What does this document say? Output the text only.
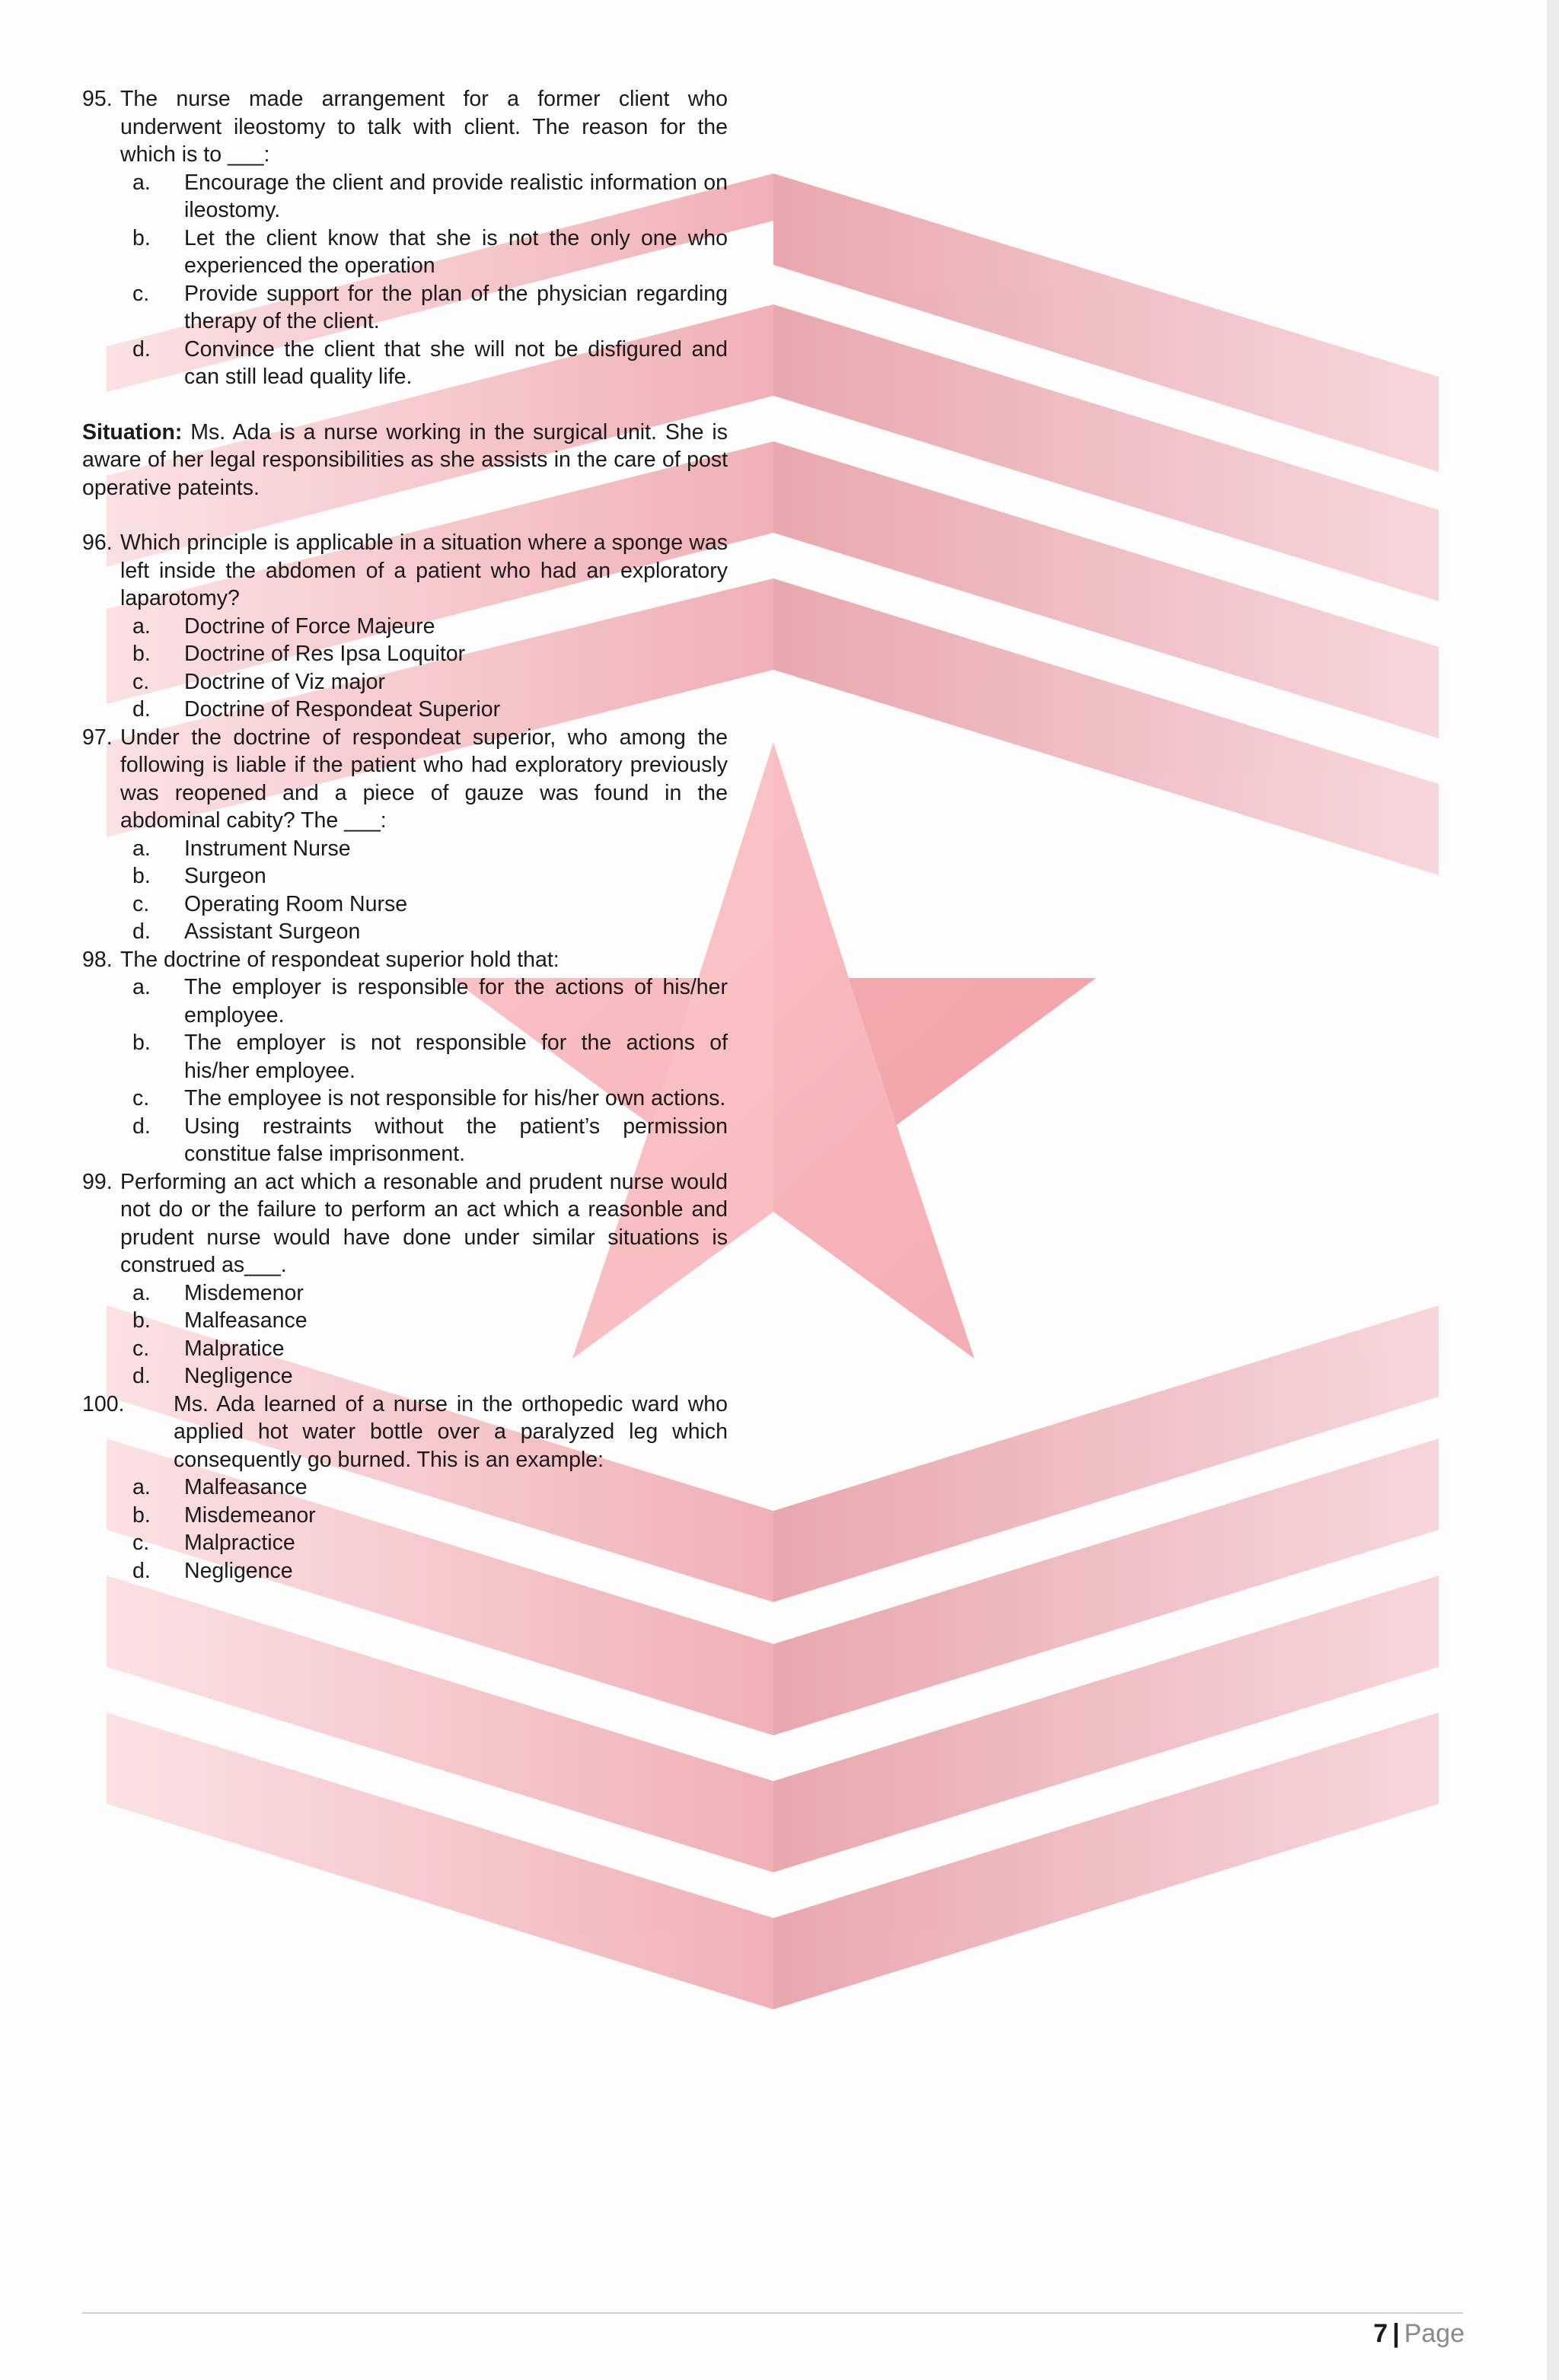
95. The nurse made arrangement for a former client who underwent ileostomy to talk with client. The reason for the which is to ___:
a.	Encourage the client and provide realistic information on ileostomy.
b.	Let the client know that she is not the only one who experienced the operation
c.	Provide support for the plan of the physician regarding therapy of the client.
d.	Convince the client that she will not be disfigured and can still lead quality life.
Situation: Ms. Ada is a nurse working in the surgical unit. She is aware of her legal responsibilities as she assists in the care of post operative pateints.
96. Which principle is applicable in a situation where a sponge was left inside the abdomen of a patient who had an exploratory laparotomy?
a.	Doctrine of Force Majeure
b.	Doctrine of Res Ipsa Loquitor
c.	Doctrine of Viz major
d.	Doctrine of Respondeat Superior
97. Under the doctrine of respondeat superior, who among the following is liable if the patient who had exploratory previously was reopened and a piece of gauze was found in the abdominal cabity? The ___:
a.	Instrument Nurse
b.	Surgeon
c.	Operating Room Nurse
d.	Assistant Surgeon
98. The doctrine of respondeat superior hold that:
a.	The employer is responsible for the actions of his/her employee.
b.	The employer is not responsible for the actions of his/her employee.
c.	The employee is not responsible for his/her own actions.
d.	Using restraints without the patient’s permission constitue false imprisonment.
99. Performing an act which a resonable and prudent nurse would not do or the failure to perform an act which a reasonble and prudent nurse would have done under similar situations is construed as___.
a.	Misdemenor
b.	Malfeasance
c.	Malpratice
d.	Negligence
100.	Ms. Ada learned of a nurse in the orthopedic ward who applied hot water bottle over a paralyzed leg which consequently go burned. This is an example:
a.	Malfeasance
b.	Misdemeanor
c.	Malpractice
d.	Negligence
7 | Page
